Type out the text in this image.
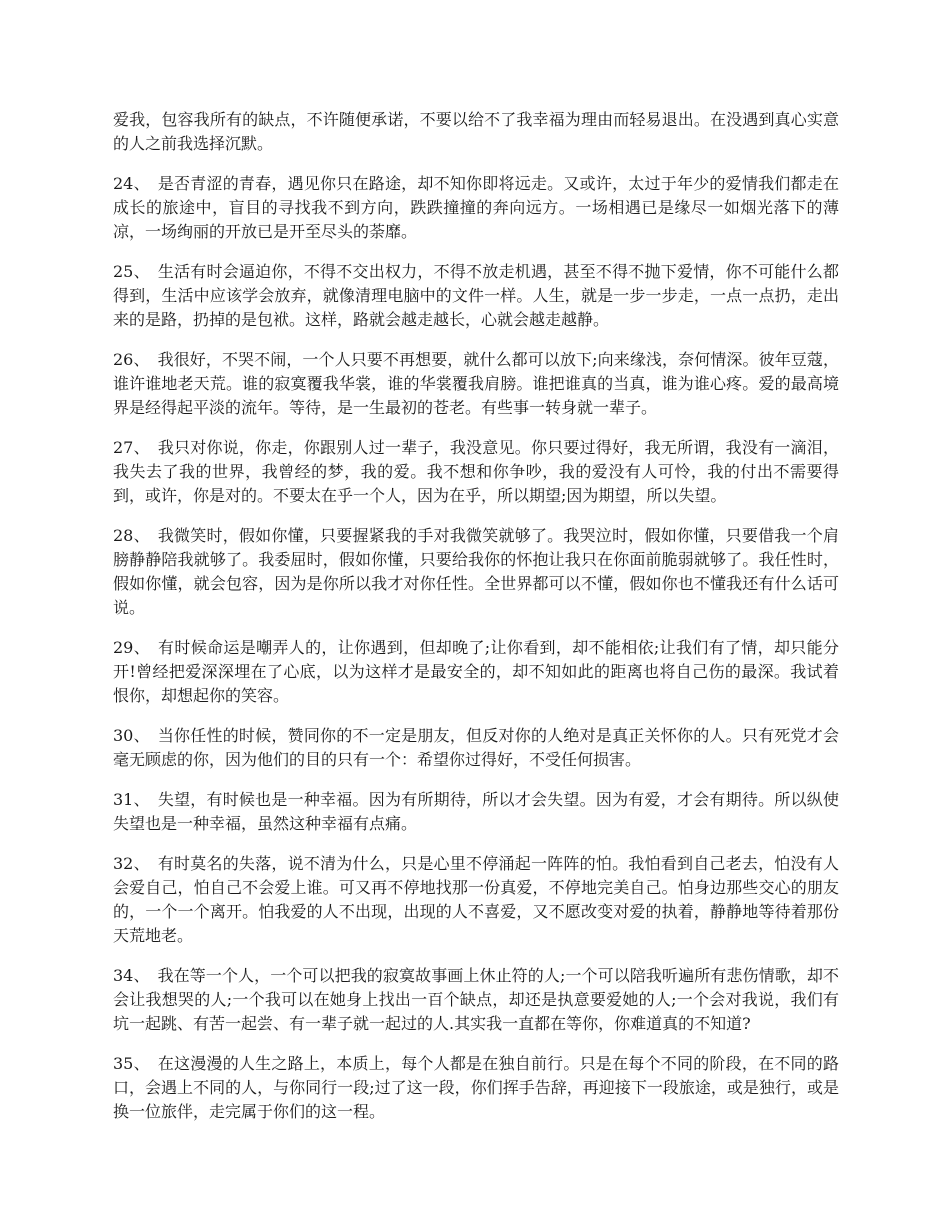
爱我，包容我所有的缺点，不许随便承诺，不要以给不了我幸福为理由而轻易退出。在没遇到真心实意的人之前我选择沉默。

24、 是否青涩的青春，遇见你只在路途，却不知你即将远走。又或许，太过于年少的爱情我们都走在成长的旅途中，盲目的寻找我不到方向，跌跌撞撞的奔向远方。一场相遇已是缘尽一如烟光落下的薄凉，一场绚丽的开放已是开至尽头的荼靡。

25、 生活有时会逼迫你，不得不交出权力，不得不放走机遇，甚至不得不抛下爱情，你不可能什么都得到，生活中应该学会放弃，就像清理电脑中的文件一样。人生，就是一步一步走，一点一点扔，走出来的是路，扔掉的是包袱。这样，路就会越走越长，心就会越走越静。

26、 我很好，不哭不闹，一个人只要不再想要，就什么都可以放下;向来缘浅，奈何情深。彼年豆蔻，谁许谁地老天荒。谁的寂寞覆我华裳，谁的华裳覆我肩膀。谁把谁真的当真，谁为谁心疼。爱的最高境界是经得起平淡的流年。等待，是一生最初的苍老。有些事一转身就一辈子。

27、 我只对你说，你走，你跟别人过一辈子，我没意见。你只要过得好，我无所谓，我没有一滴泪，我失去了我的世界，我曾经的梦，我的爱。我不想和你争吵，我的爱没有人可怜，我的付出不需要得到，或许，你是对的。不要太在乎一个人，因为在乎，所以期望;因为期望，所以失望。

28、 我微笑时，假如你懂，只要握紧我的手对我微笑就够了。我哭泣时，假如你懂，只要借我一个肩膀静静陪我就够了。我委屈时，假如你懂，只要给我你的怀抱让我只在你面前脆弱就够了。我任性时，假如你懂，就会包容，因为是你所以我才对你任性。全世界都可以不懂，假如你也不懂我还有什么话可说。

29、 有时候命运是嘲弄人的，让你遇到，但却晚了;让你看到，却不能相依;让我们有了情，却只能分开!曾经把爱深深埋在了心底，以为这样才是最安全的，却不知如此的距离也将自己伤的最深。我试着恨你，却想起你的笑容。

30、 当你任性的时候，赞同你的不一定是朋友，但反对你的人绝对是真正关怀你的人。只有死党才会毫无顾虑的你，因为他们的目的只有一个：希望你过得好，不受任何损害。

31、 失望，有时候也是一种幸福。因为有所期待，所以才会失望。因为有爱，才会有期待。所以纵使失望也是一种幸福，虽然这种幸福有点痛。

32、 有时莫名的失落，说不清为什么，只是心里不停涌起一阵阵的怕。我怕看到自己老去，怕没有人会爱自己，怕自己不会爱上谁。可又再不停地找那一份真爱，不停地完美自己。怕身边那些交心的朋友的，一个一个离开。怕我爱的人不出现，出现的人不喜爱，又不愿改变对爱的执着，静静地等待着那份天荒地老。

34、 我在等一个人，一个可以把我的寂寞故事画上休止符的人;一个可以陪我听遍所有悲伤情歌，却不会让我想哭的人;一个我可以在她身上找出一百个缺点，却还是执意要爱她的人;一个会对我说，我们有坑一起跳、有苦一起尝、有一辈子就一起过的人.其实我一直都在等你，你难道真的不知道?

35、 在这漫漫的人生之路上，本质上，每个人都是在独自前行。只是在每个不同的阶段，在不同的路口，会遇上不同的人，与你同行一段;过了这一段，你们挥手告辞，再迎接下一段旅途，或是独行，或是换一位旅伴，走完属于你们的这一程。
